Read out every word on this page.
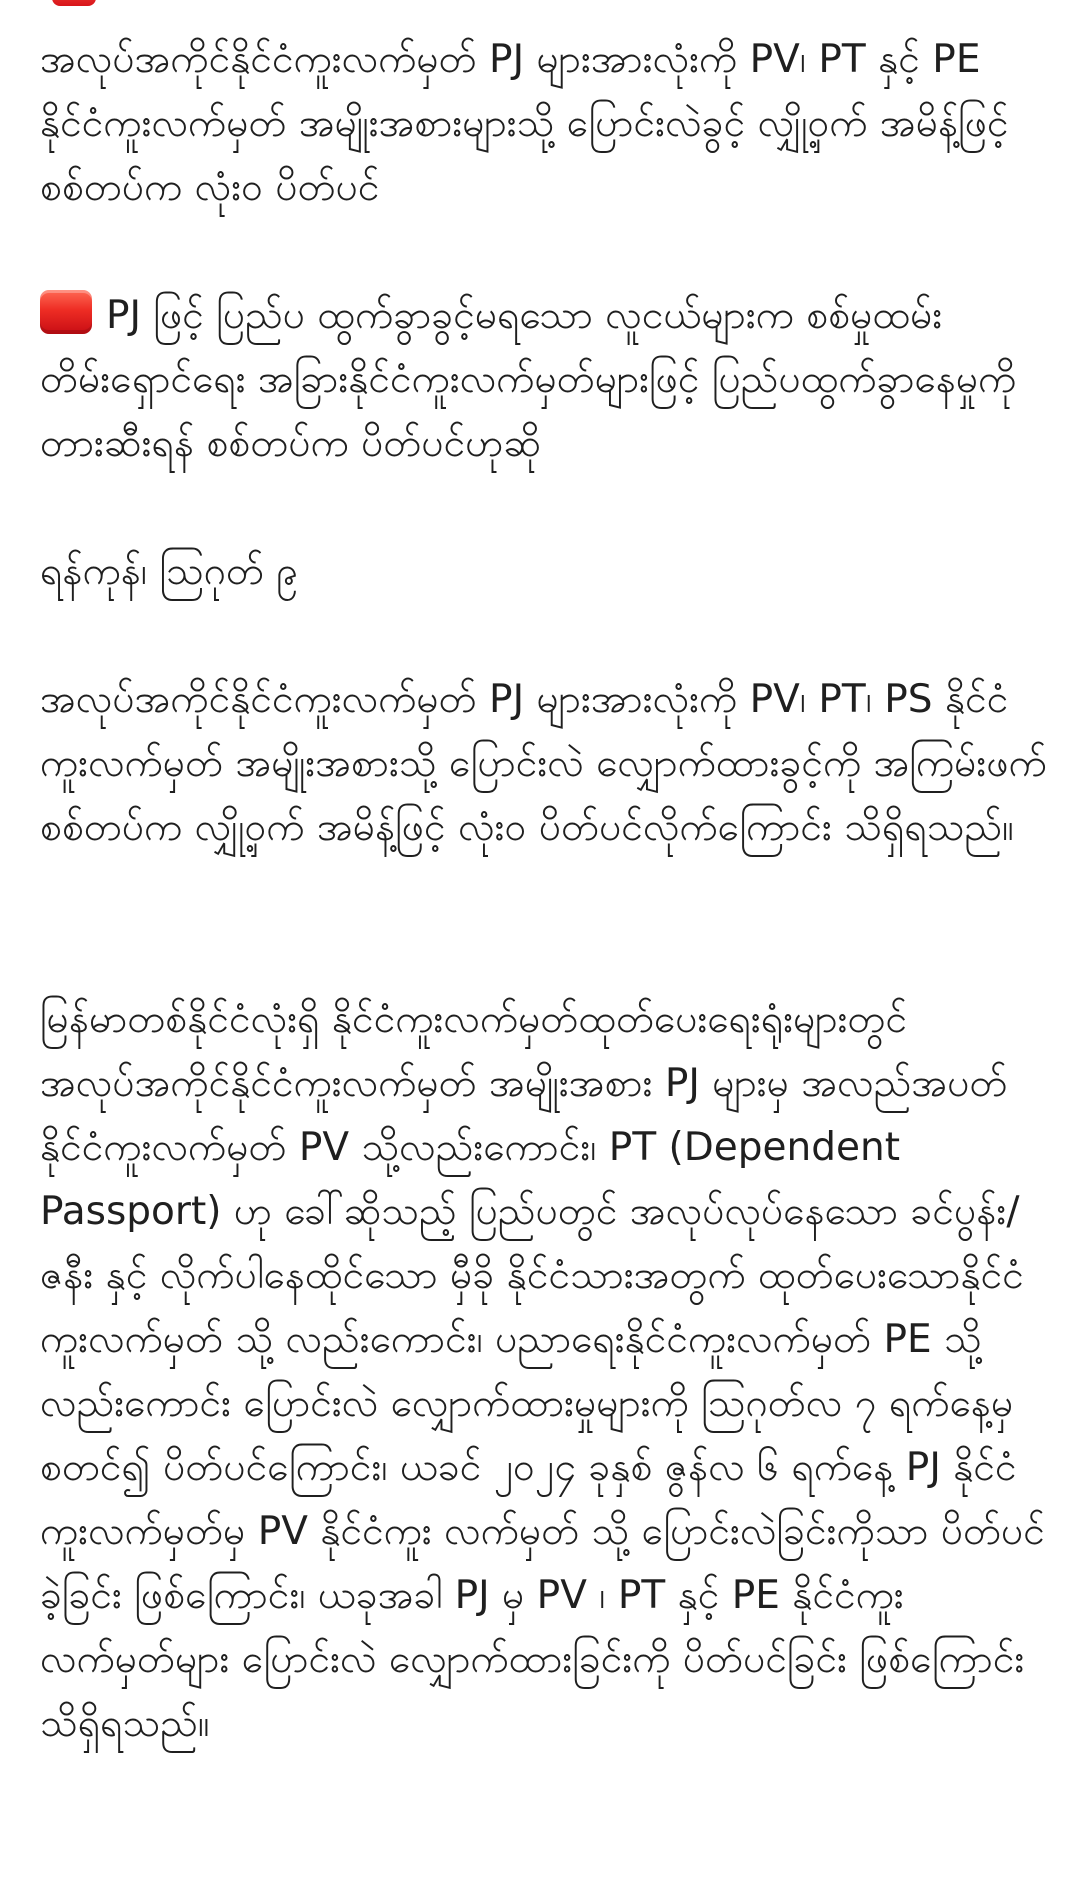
အလုပ်အကိုင်နိုင်ငံကူးလက်မှတ် PJ များအားလုံးကို PV၊ PT နှင့် PE နိုင်ငံကူးလက်မှတ် အမျိုးအစားများသို့ ပြောင်းလဲခွင့် လျှို့ဝှက် အမိန့်ဖြင့် စစ်တပ်က လုံးဝ ပိတ်ပင်

PJ ဖြင့် ပြည်ပ ထွက်ခွာခွင့်မရသော လူငယ်များက စစ်မှုထမ်းတိမ်းရှောင်ရေး အခြားနိုင်ငံကူးလက်မှတ်များဖြင့် ပြည်ပထွက်ခွာနေမှုကို တားဆီးရန် စစ်တပ်က ပိတ်ပင်ဟုဆို

ရန်ကုန်၊ သြဂုတ် ၉

အလုပ်အကိုင်နိုင်ငံကူးလက်မှတ် PJ များအားလုံးကို PV၊ PT၊ PS နိုင်ငံကူးလက်မှတ် အမျိုးအစားသို့ ပြောင်းလဲ လျှောက်ထားခွင့်ကို အကြမ်းဖက်စစ်တပ်က လျှို့ဝှက် အမိန့်ဖြင့် လုံးဝ ပိတ်ပင်လိုက်ကြောင်း သိရှိရသည်။

မြန်မာတစ်နိုင်ငံလုံးရှိ နိုင်ငံကူးလက်မှတ်ထုတ်ပေးရေးရုံးများတွင် အလုပ်အကိုင်နိုင်ငံကူးလက်မှတ် အမျိုးအစား PJ များမှ အလည်အပတ်နိုင်ငံကူးလက်မှတ် PV သို့လည်းကောင်း၊ PT (Dependent Passport) ဟု ခေါ်ဆိုသည့် ပြည်ပတွင် အလုပ်လုပ်နေသော ခင်ပွန်း/ဇနီး နှင့် လိုက်ပါနေထိုင်သော မှီခို နိုင်ငံသားအတွက် ထုတ်ပေးသောနိုင်ငံကူးလက်မှတ် သို့ လည်းကောင်း၊ ပညာရေးနိုင်ငံကူးလက်မှတ် PE သို့ လည်းကောင်း ပြောင်းလဲ လျှောက်ထားမှုများကို သြဂုတ်လ ၇ ရက်နေ့မှစတင်၍ ပိတ်ပင်ကြောင်း၊ ယခင် ၂၀၂၄ ခုနှစ် ဇွန်လ ၆ ရက်နေ့ PJ နိုင်ငံကူးလက်မှတ်မှ PV နိုင်ငံကူး လက်မှတ် သို့ ပြောင်းလဲခြင်းကိုသာ ပိတ်ပင်ခဲ့ခြင်း ဖြစ်ကြောင်း၊ ယခုအခါ PJ မှ PV ၊ PT နှင့် PE နိုင်ငံကူး လက်မှတ်များ ပြောင်းလဲ လျှောက်ထားခြင်းကို ပိတ်ပင်ခြင်း ဖြစ်ကြောင်း သိရှိရသည်။
